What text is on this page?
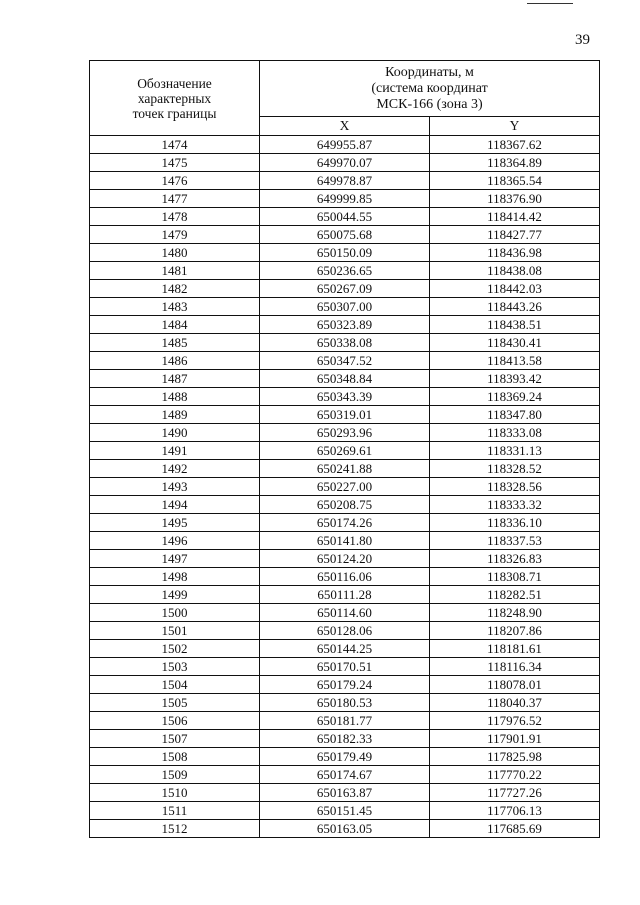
39
Обозначение
характерных
точек границы	Координаты, м
(система координат
МСК-166 (зона 3)	
	X	Y
1474	649955.87	118367.62
1475	649970.07	118364.89
1476	649978.87	118365.54
1477	649999.85	118376.90
1478	650044.55	118414.42
1479	650075.68	118427.77
1480	650150.09	118436.98
1481	650236.65	118438.08
1482	650267.09	118442.03
1483	650307.00	118443.26
1484	650323.89	118438.51
1485	650338.08	118430.41
1486	650347.52	118413.58
1487	650348.84	118393.42
1488	650343.39	118369.24
1489	650319.01	118347.80
1490	650293.96	118333.08
1491	650269.61	118331.13
1492	650241.88	118328.52
1493	650227.00	118328.56
1494	650208.75	118333.32
1495	650174.26	118336.10
1496	650141.80	118337.53
1497	650124.20	118326.83
1498	650116.06	118308.71
1499	650111.28	118282.51
1500	650114.60	118248.90
1501	650128.06	118207.86
1502	650144.25	118181.61
1503	650170.51	118116.34
1504	650179.24	118078.01
1505	650180.53	118040.37
1506	650181.77	117976.52
1507	650182.33	117901.91
1508	650179.49	117825.98
1509	650174.67	117770.22
1510	650163.87	117727.26
1511	650151.45	117706.13
1512	650163.05	117685.69
